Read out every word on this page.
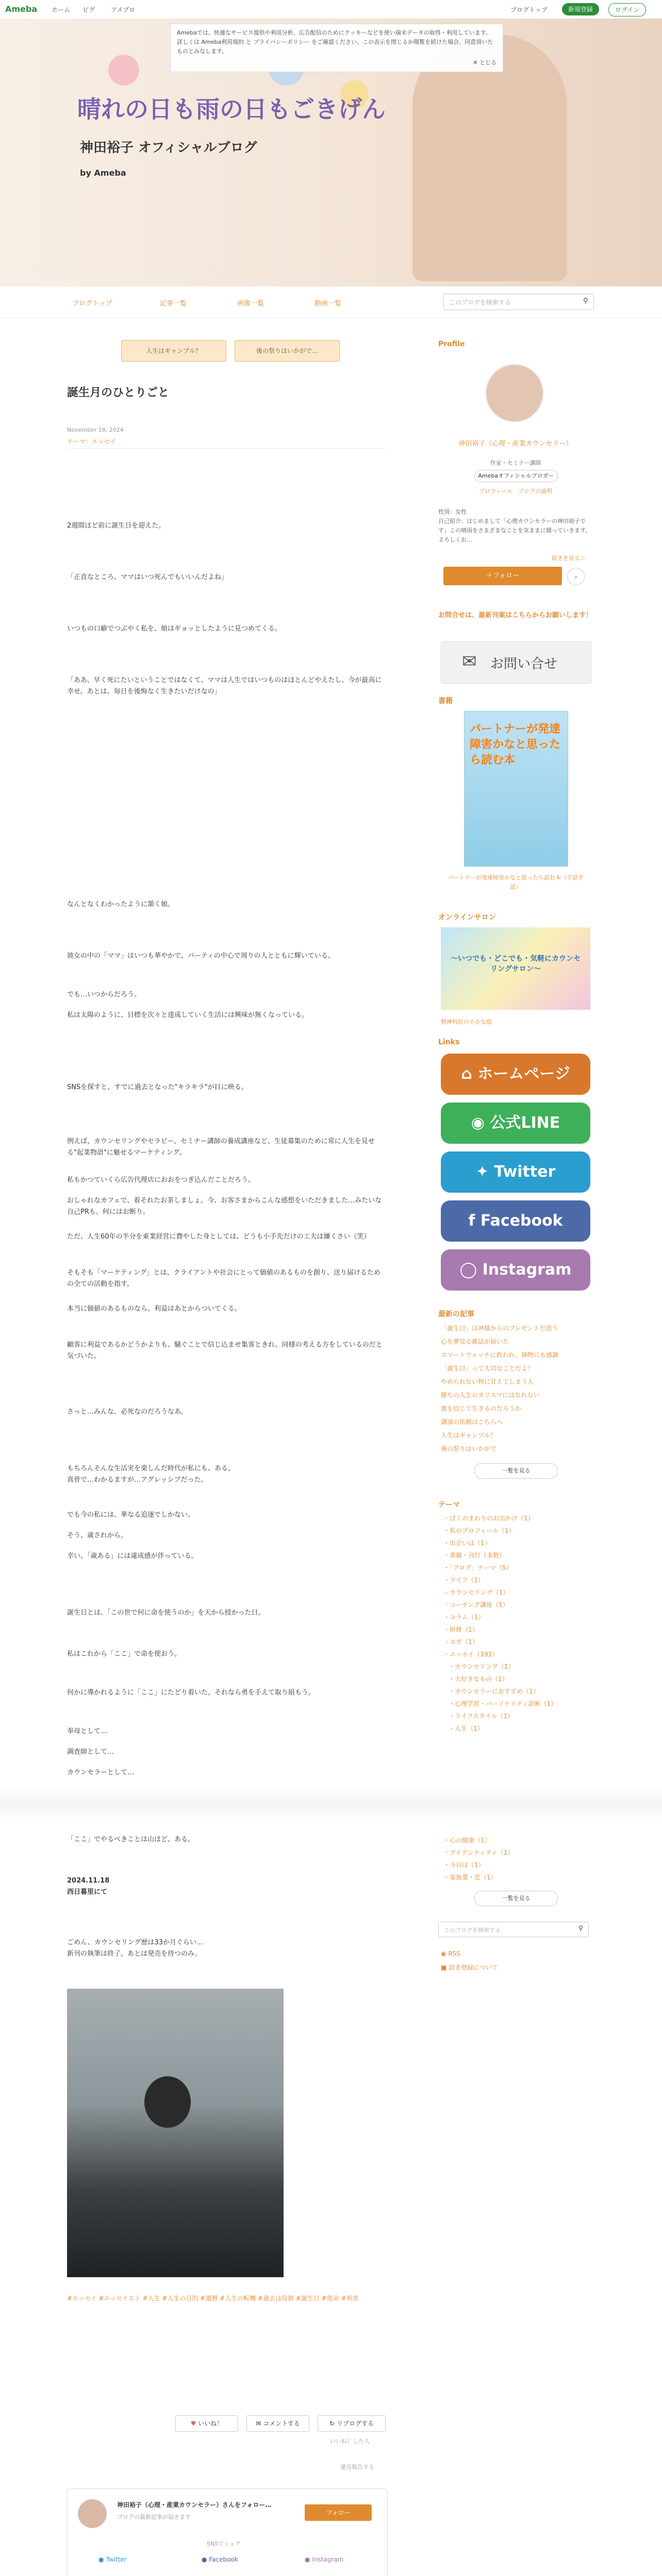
Ameba ホーム ピグ	アメブロ	ブログトップ	新規登録	ログイン
晴れの日も雨の日もごきげん
神田裕子 オフィシャルブログ
by Ameba
Amebaでは、快適なサービス提供や利用分析、広告配信のためにクッキーなどを使い端末データの取得・利用しています。詳しくは Ameba利用規約 と プライバシーポリシー をご確認ください。この表示を閉じるか閲覧を続けた場合、同意頂いたものとみなします。
✕ とじる
ブログトップ	記事一覧	画像一覧	動画一覧	このブログを検索する	⚲
人生はギャンブル？	後の祭りはいかがで…
誕生月のひとりごと
November 18, 2024
テーマ：エッセイ
2週間ほど前に誕生日を迎えた。
「正直なところ、ママはいつ死んでもいいんだよね」
いつもの口癖でつぶやく私を、娘はギョッとしたように見つめてくる。
「ああ、早く死にたいということではなくて、ママは人生ではいつものはほとんどやえたし、今が最高に幸せ。あとは、毎日を後悔なく生きたいだけなの」
なんとなくわかったように頷く娘。
彼女の中の「ママ」はいつも華やかで、パーティの中心で周りの人とともに輝いている。
でも…いつからだろう。
私は太陽のように、目標を次々と達成していく生活には興味が無くなっている。
SNSを探すと、すでに過去となった"キラキラ"が目に映る。
例えば、カウンセリングやセラピー、セミナー講師の養成講座など、生徒募集のために常に人生を見せる"起業物語"に魅せるマーケティング。
私もかつていくら広告代理店におおをつぎ込んだことだろう。
おしゃれなカフェで、着それたお茶しましょ。今、お客さまからこんな感想をいただきました…みたいな自己PRも。何にはお断り。
ただ、人生60年の半分を東業経営に費やした身としては、どうも小手先だけの工夫は嫌くさい（笑）
そもそも「マーケティング」とは、クライアントや社会にとって価値のあるものを創り、送り届けるための全ての活動を指す。
本当に価値のあるものなら、利益はあとからついてくる。
顧客に利益であるかどうかよりも、騒ぐことで信じ込ませ集客ときれ、同様の考える方をしているのだと気づいた。
さっと…みんな、必死なのだろうなあ。
もちろんそんな生活実を楽しんだ時代が私にも、ある。
真骨で…わかるますが…アグレッシブだった。
でも今の私には、華なる追逐でしかない。
そう、歳されから。
幸い、「歳ある」には違成感が伴っている。
誕生日とは、「この世で何に命を使うのか」を天から授かった日。
私はこれから「ここ」で命を使おう。
何かに導かれるように「ここ」にたどり着いた。それなら勇を手えて取り組もう。
奉母として…
調査師として…
カウンセラーとして…
「ここ」でやるべきことは山ほど、ある。
2024.11.18
西日暮里にて
ごめん、カウンセリング歴は33か月ぐらい…
新刊の執筆は終了。あとは発売を待つのみ。
#エッセイ #エッセイスト #人生 #人生の目的 #還暦 #人生の転機 #過去は役割 #誕生日 #使命 #利害
♥ いいね！	✉ コメントする	↻ リブログする
いいね！した人
違反報告する
神田裕子（心理・産業カウンセラー）さんをフォロー…
ブログの最新記事が届きます
フォロー
SNSでシェア
● Twitter	● Facebook	● Instagram
Profile
神田裕子（心理・産業カウンセラー）
作家・セミナー講師
Amebaオフィシャルブロガー
プロフィール　ブログの説明
性別：女性
自己紹介：はじめまして「心理カウンセラーの神田裕子です」この晴雨をさまざまなことを気ままに綴っていきます。よろしくお…
続きを見る＞
＋フォロー	⌄
お問合せは、最新刊案はこちらからお願いします！
✉ お問い合せ
書籍
パートナーが発達障害かなと思ったら読む本
パートナーが発達障害かなと思ったら読む本（手話手話）
オンラインサロン
～いつでも・どこでも・気軽にカウンセリングサロン～
精神科医の小さな庭
Links
⌂ ホームページ
◉ 公式LINE
✦ Twitter
f Facebook
◯ Instagram
最新の記事
「誕生日」は神様からのプレゼントだ思う
心を夢見る雑誌が届いた
スマートウォッチに救われ、挿物にも感謝
「誕生日」って大切なことだよ！
やめられない物に甘えてしまう人
勝ちの人生のカリスマにはなれない
誰を信じて生きるのだろうか
講演の依頼はこちらへ
人生はギャンブル？
後の祭りはいかがで
一覧を見る
テーマ
・ぼくのまわりのお出かけ（1）
・私のプロフィール（1）
・出会いは（1）
・書籍・刊行（多数）
・「ブログ」テーマ（5）
・ライフ（1）
・カウンセリング（1）
・コーチング講座（1）
・コラム（1）
・研修（1）
・ヨガ（1）
・エッセイ（191）
・カウンセリング（1）
・大好きなもの（1）
・カウンセラーにおすすめ（1）
・心理学習・パーソナリティ診断（1）
・ライフスタイル（1）
・人生（1）
・心の健康（1）
・アイデンティティ（1）
・今日は（1）
・家族愛・恋（1）
一覧を見る
このブログを検索する	⚲
◉ RSS
■ 読者登録について
